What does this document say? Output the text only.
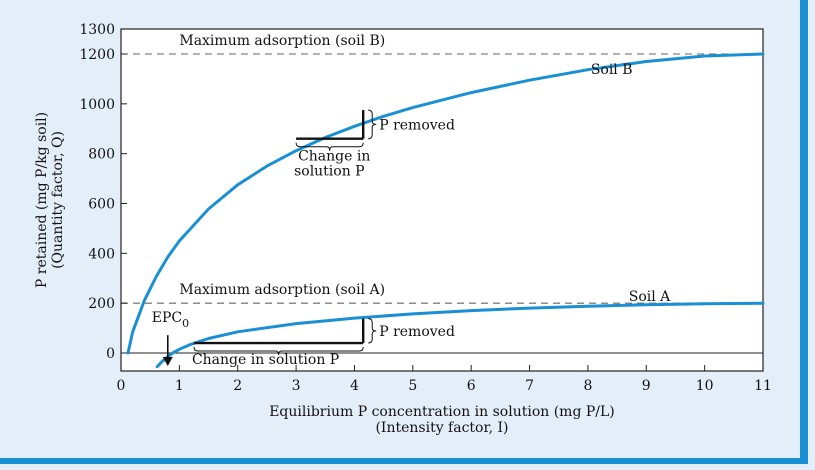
0	1	2	3	4	5	6	7	8	9	10	11
0
200
400
600
800
1000
1200
1300
Equilibrium P concentration in solution (mg P/L)
(Intensity factor, I)
P retained (mg P/kg soil) (Quantity factor, Q)
Maximum adsorption (soil B)
Maximum adsorption (soil A)
Soil B
Soil A
P removed
Change in
solution P
P removed
Change in solution P
$EPC_0$
